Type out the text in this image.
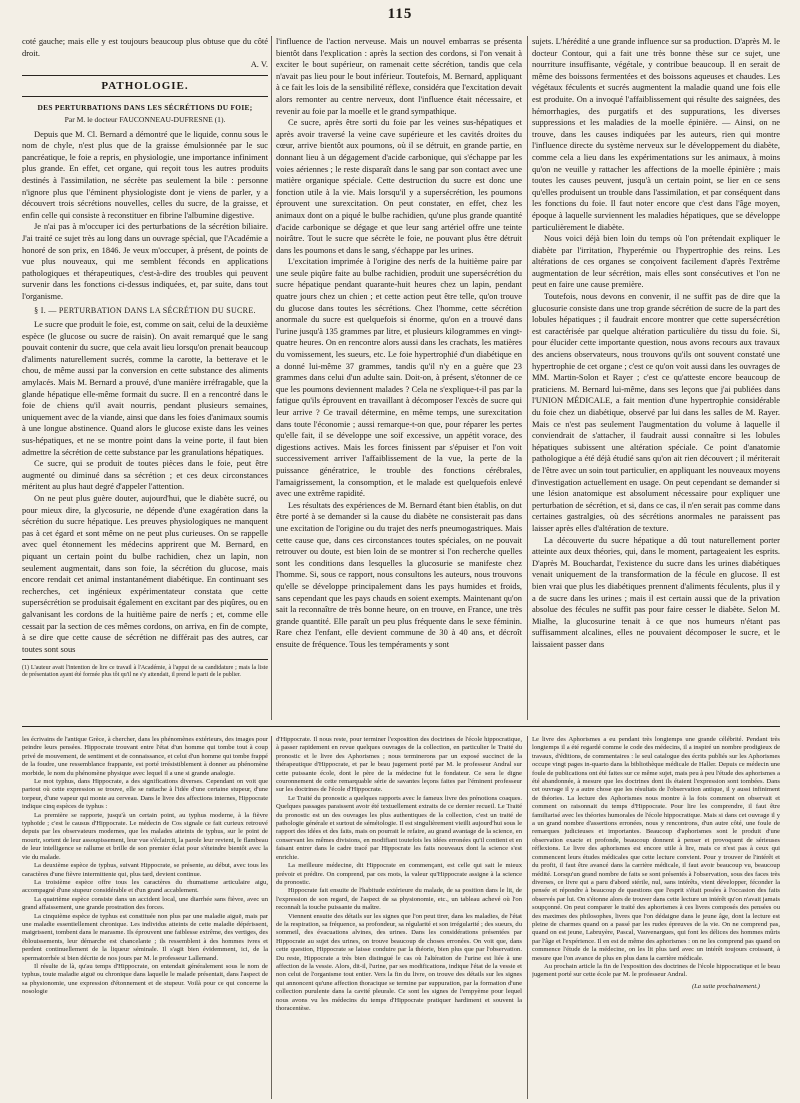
115

coté gauche; mais elle y est toujours beaucoup plus obtuse que du côté droit.

A. V.
PATHOLOGIE.
DES PERTURBATIONS DANS LES SÉCRÉTIONS DU FOIE;
Par M. le docteur FAUCONNEAU-DUFRESNE (1).

Depuis que M. Cl. Bernard a démontré que le liquide, connu sous le nom de chyle, n'est plus que de la graisse émulsionnée par le suc pancréatique, le foie a repris, en physiologie, une importance infiniment plus grande. En effet, cet organe, qui reçoit tous les autres produits destinés à l'assimilation, ne sécrète pas seulement la bile : personne n'ignore plus que l'éminent physiologiste dont je viens de parler, y a découvert trois sécrétions nouvelles, celles du sucre, de la graisse, et enfin celle qui consiste à reconstituer en fibrine l'albumine digestive.

Je n'ai pas à m'occuper ici des perturbations de la sécrétion biliaire. J'ai traité ce sujet très au long dans un ouvrage spécial, que l'Académie a honoré de son prix, en 1846. Je veux m'occuper, à présent, de points de vue plus nouveaux, qui me semblent féconds en applications pathologiques et thérapeutiques, c'est-à-dire des troubles qui peuvent survenir dans les fonctions ci-dessus indiquées, et, par suite, dans tout l'organisme.

§ I. — PERTURBATION DANS LA SÉCRÉTION DU SUCRE.

Le sucre que produit le foie, est, comme on sait, celui de la deuxième espèce (le glucose ou sucre de raisin). On avait remarqué que le sang pouvait contenir du sucre, que cela avait lieu lorsqu'on prenait beaucoup d'aliments naturellement sucrés, comme la carotte, la betterave et le chou, de même aussi par la conversion en cette substance des aliments amylacés. Mais M. Bernard a prouvé, d'une manière irréfragable, que la glande hépatique elle-même formait du sucre. Il en a rencontré dans le foie de chiens qu'il avait nourris, pendant plusieurs semaines, uniquement avec de la viande, ainsi que dans les foies d'animaux soumis à une longue abstinence. Quand alors le glucose existe dans les veines sus-hépatiques, et ne se montre point dans la veine porte, il faut bien admettre la sécrétion de cette substance par les granulations hépatiques.

Ce sucre, qui se produit de toutes pièces dans le foie, peut être augmenté ou diminué dans sa sécrétion ; et ces deux circonstances méritent au plus haut degré d'appeler l'attention.

On ne peut plus guère douter, aujourd'hui, que le diabète sucré, ou pour mieux dire, la glycosurie, ne dépende d'une exagération dans la sécrétion du sucre hépatique. Les preuves physiologiques ne manquent pas à cet égard et sont même on ne peut plus curieuses. On se rappelle avec quel étonnement les médecins apprirent que M. Bernard, en piquant un certain point du bulbe rachidien, chez un lapin, non seulement augmentait, dans son foie, la sécrétion du glucose, mais encore rendait cet animal instantanément diabétique. En continuant ses recherches, cet ingénieux expérimentateur constata que cette supersécrétion se produisait également en excitant par des piqûres, ou en galvanisant les cordons de la huitième paire de nerfs ; et, comme elle cessait par la section de ces mêmes cordons, on arriva, en fin de compte, à se dire que cette cause de sécrétion ne différait pas des autres, car toutes sont sous

(1) L'auteur avait l'intention de lire ce travail à l'Académie, à l'appui de sa candidature ; mais la liste de présentation ayant été formée plus tôt qu'il ne s'y attendait, il prend le parti de le publier.

l'influence de l'action nerveuse. Mais un nouvel embarras se présenta bientôt dans l'explication : après la section des cordons, si l'on venait à exciter le bout supérieur, on ramenait cette sécrétion, tandis que cela n'avait pas lieu pour le bout inférieur. Toutefois, M. Bernard, appliquant à ce fait les lois de la sensibilité réflexe, considéra que l'excitation devait alors remonter au centre nerveux, dont l'influence était nécessaire, et revenir au foie par la moelle et le grand sympathique.

Ce sucre, après être sorti du foie par les veines sus-hépatiques et après avoir traversé la veine cave supérieure et les cavités droites du cœur, arrive bientôt aux poumons, où il se détruit, en grande partie, en donnant lieu à un dégagement d'acide carbonique, qui s'échappe par les voies aériennes ; le reste disparaît dans le sang par son contact avec une matière organique spéciale. Cette destruction du sucre est donc une fonction utile à la vie. Mais lorsqu'il y a supersécrétion, les poumons éprouvent une surexcitation. On peut constater, en effet, chez les animaux dont on a piqué le bulbe rachidien, qu'une plus grande quantité d'acide carbonique se dégage et que leur sang artériel offre une teinte noirâtre. Tout le sucre que sécrète le foie, ne pouvant plus être détruit dans les poumons et dans le sang, s'échappe par les urines.

L'excitation imprimée à l'origine des nerfs de la huitième paire par une seule piqûre faite au bulbe rachidien, produit une supersécrétion du sucre hépatique pendant quarante-huit heures chez un lapin, pendant quatre jours chez un chien ; et cette action peut être telle, qu'on trouve du glucose dans toutes les sécrétions. Chez l'homme, cette sécrétion anormale du sucre est quelquefois si énorme, qu'on en a trouvé dans l'urine jusqu'à 135 grammes par litre, et plusieurs kilogrammes en vingt-quatre heures. On en rencontre alors aussi dans les crachats, les matières du vomissement, les sueurs, etc. Le foie hypertrophié d'un diabétique en a donné lui-même 37 grammes, tandis qu'il n'y en a guère que 23 grammes dans celui d'un adulte sain. Doit-on, à présent, s'étonner de ce que les poumons deviennent malades ? Cela ne s'explique-t-il pas par la fatigue qu'ils éprouvent en travaillant à décomposer l'excès de sucre qui leur arrive ? Ce travail détermine, en même temps, une surexcitation dans toute l'économie ; aussi remarque-t-on que, pour réparer les pertes qu'elle fait, il se développe une soif excessive, un appétit vorace, des digestions actives. Mais les forces finissent par s'épuiser et l'on voit successivement arriver l'affaiblissement de la vue, la perte de la puissance génératrice, le trouble des fonctions cérébrales, l'amaigrissement, la consomption, et le malade est quelquefois enlevé avec une extrême rapidité.

Les résultats des expériences de M. Bernard étant bien établis, on dut être porté à se demander si la cause du diabète ne consisterait pas dans une excitation de l'origine ou du trajet des nerfs pneumogastriques. Mais cette cause que, dans ces circonstances toutes spéciales, on ne pouvait retrouver ou doute, est bien loin de se montrer si l'on recherche quelles sont les conditions dans lesquelles la glucosurie se manifeste chez l'homme. Si, sous ce rapport, nous consultons les auteurs, nous trouvons qu'elle se développe principalement dans les pays humides et froids, sans cependant que les pays chauds en soient exempts. Maintenant qu'on sait la reconnaître de très bonne heure, on en trouve, en France, une très grande quantité. Elle paraît un peu plus fréquente dans le sexe féminin. Rare chez l'enfant, elle devient commune de 30 à 40 ans, et décroît ensuite de fréquence. Tous les tempéraments y sont

sujets. L'hérédité a une grande influence sur sa production. D'après M. le docteur Contour, qui a fait une très bonne thèse sur ce sujet, une nourriture insuffisante, végétale, y contribue beaucoup. Il en serait de même des boissons fermentées et des boissons aqueuses et chaudes. Les végétaux féculents et sucrés augmentent la maladie quand une fois elle est produite. On a invoqué l'affaiblissement qui résulte des saignées, des hémorrhagies, des purgatifs et des suppurations, les diverses suppressions et les maladies de la moelle épinière. — Ainsi, on ne trouve, dans les causes indiquées par les auteurs, rien qui montre l'influence directe du système nerveux sur le développement du diabète, comme cela a lieu dans les expérimentations sur les animaux, à moins qu'on ne veuille y rattacher les affections de la moelle épinière ; mais toutes les causes peuvent, jusqu'à un certain point, se lier en ce sens qu'elles produisent un trouble dans l'assimilation, et par conséquent dans les fonctions du foie. Il faut noter encore que c'est dans l'âge moyen, époque à laquelle surviennent les maladies hépatiques, que se développe particulièrement le diabète.

Nous voici déjà bien loin du temps où l'on prétendait expliquer le diabète par l'irritation, l'hyperémie ou l'hypertrophie des reins. Les altérations de ces organes se conçoivent facilement d'après l'extrême augmentation de leur sécrétion, mais elles sont consécutives et l'on ne peut en faire une cause première.

Toutefois, nous devons en convenir, il ne suffit pas de dire que la glucosurie consiste dans une trop grande sécrétion de sucre de la part des lobules hépatiques ; il faudrait encore montrer que cette supersécrétion est caractérisée par quelque altération particulière du tissu du foie. Si, pour élucider cette importante question, nous avons recours aux travaux des anciens observateurs, nous trouvons qu'ils ont souvent constaté une hypertrophie de cet organe ; c'est ce qu'on voit aussi dans les ouvrages de MM. Martin-Solon et Rayer ; c'est ce qu'atteste encore beaucoup de praticiens. M. Bernard lui-même, dans ses leçons que j'ai publiées dans l'UNION MÉDICALE, a fait mention d'une hypertrophie considérable du foie chez un diabétique, observé par lui dans les salles de M. Rayer. Mais ce n'est pas seulement l'augmentation du volume à laquelle il conviendrait de s'attacher, il faudrait aussi connaître si les lobules hépatiques subissent une altération spéciale. Ce point d'anatomie pathologique a été déjà étudié sans qu'on ait rien découvert ; il mériterait de l'être avec un soin tout particulier, en appliquant les nouveaux moyens d'investigation actuellement en usage. On peut cependant se demander si une lésion anatomique est absolument nécessaire pour expliquer une perturbation de sécrétion, et si, dans ce cas, il n'en serait pas comme dans certaines gastralgies, où des sécrétions anormales ne paraissent pas laisser après elles d'altération de texture.

La découverte du sucre hépatique a dû tout naturellement porter atteinte aux deux théories, qui, dans le moment, partageaient les esprits. D'après M. Bouchardat, l'existence du sucre dans les urines diabétiques venait uniquement de la transformation de la fécule en glucose. Il est bien vrai que plus les diabétiques prennent d'aliments féculents, plus il y a de sucre dans les urines ; mais il est certain aussi que de la privation absolue des fécules ne suffit pas pour faire cesser le diabète. Selon M. Mialhe, la glucosurine tenait à ce que nos humeurs n'étant pas suffisamment alcalines, elles ne pouvaient décomposer le sucre, et le laissaient passer dans

les écrivains de l'antique Grèce, à chercher, dans les phénomènes extérieurs, des images pour peindre leurs pensées. Hippocrate trouvant entre l'état d'un homme qui tombe tout à coup privé de mouvement, de sentiment et de connaissance, et celui d'un homme qui tombe frappé de la foudre, une ressemblance frappante, est porté irrésistiblement à donner au phénomène morbide, le nom du phénomène physique avec lequel il a une si grande analogie.

Le mot typhus, dans Hippocrate, a des significations diverses. Cependant on voit que partout où cette expression se trouve, elle se rattache à l'idée d'une certaine stupeur, d'une torpeur, d'une vapeur qui monte au cerveau. Dans le livre des affections internes, Hippocrate indique cinq espèces de typhus :

La première se rapporte, jusqu'à un certain point, au typhus moderne, à la fièvre typhoïde ; c'est le causus d'Hippocrate. Le médecin de Cos signale ce fait curieux retrouvé depuis par les observateurs modernes, que les malades atteints de typhus, sur le point de mourir, sortent de leur assoupissement, leur vue s'éclaircit, la parole leur revient, le flambeau de leur intelligence se rallume et brille de son premier éclat pour s'éteindre bientôt avec la vie du malade.

La deuxième espèce de typhus, suivant Hippocrate, se présente, au début, avec tous les caractères d'une fièvre intermittente qui, plus tard, devient continue.

La troisième espèce offre tous les caractères du rhumatisme articulaire aigu, accompagné d'une stupeur considérable et d'un grand accablement.

La quatrième espèce consiste dans un accident local, une diarrhée sans fièvre, avec un grand affaissement, une grande prostration des forces.

La cinquième espèce de typhus est constituée non plus par une maladie aiguë, mais par une maladie essentiellement chronique. Les individus atteints de cette maladie dépérissent, maigrissent, tombent dans le marasme. Ils éprouvent une faiblesse extrême, des vertiges, des éblouissements, leur démarche est chancelante ; ils ressemblent à des hommes ivres et perdent continuellement de la liqueur séminale. Il s'agit bien évidemment, ici, de la spermatorrhée si bien décrite de nos jours par M. le professeur Lallemand.

Il résulte de là, qu'au temps d'Hippocrate, on entendait généralement sous le nom de typhus, toute maladie aiguë ou chronique dans laquelle le malade présentait, dans l'aspect de sa physionomie, une expression d'étonnement et de stupeur. Voilà pour ce qui concerne la nosologie

d'Hippocrate. Il nous reste, pour terminer l'exposition des doctrines de l'école hippocratique, à passer rapidement en revue quelques ouvrages de la collection, en particulier le Traité du pronostic et le livre des Aphorismes ; nous terminerons par un exposé succinct de la thérapeutique d'Hippocrate, et par le beau jugement porté par M. le professeur Andral sur cette puissante école, dont le père de la médecine fut le fondateur. Ce sera le digne couronnement de cette remarquable série de savantes leçons faites par l'éminent professeur sur les doctrines de l'école d'Hippocrate.

Le Traité du pronostic a quelques rapports avec le fameux livre des prénotions coaques. Quelques passages paraissent avoir été textuellement extraits de ce dernier recueil. Le Traité du pronostic est un des ouvrages les plus authentiques de la collection, c'est un traité de pathologie générale et surtout de séméiologie. Il est singulièrement vieilli aujourd'hui sous le rapport des idées et des faits, mais on pourrait le refaire, au grand avantage de la science, en conservant les mêmes divisions, en modifiant toutefois les idées erronées qu'il contient et en faisant entrer dans le cadre tracé par Hippocrate les faits nouveaux dont la science s'est enrichie.

La meilleure médecine, dit Hippocrate en commençant, est celle qui sait le mieux prévoir et prédire. On comprend, par ces mots, la valeur qu'Hippocrate assigne à la science du pronostic.

Hippocrate fait ensuite de l'habitude extérieure du malade, de sa position dans le lit, de l'expression de son regard, de l'aspect de sa physionomie, etc., un tableau achevé où l'on reconnaît la touche puissante du maître.

Viennent ensuite des détails sur les signes que l'on peut tirer, dans les maladies, de l'état de la respiration, sa fréquence, sa profondeur, sa régularité et son irrégularité ; des sueurs, du sommeil, des évacuations alvines, des urines. Dans les considérations présentées par Hippocrate au sujet des urines, on trouve beaucoup de choses erronées. On voit que, dans cette question, Hippocrate se laisse conduire par la théorie, bien plus que par l'observation. Du reste, Hippocrate a très bien distingué le cas où l'altération de l'urine est liée à une affection de la vessie. Alors, dit-il, l'urine, par ses modifications, indique l'état de la vessie et non celui de l'organisme tout entier. Vers la fin du livre, on trouve des détails sur les signes qui annoncent qu'une affection thoracique se termine par suppuration, par la formation d'une collection purulente dans la cavité pleurale. Ce sont les signes de l'empyème pour lequel nous avons vu les médecins du temps d'Hippocrate pratiquer hardiment et souvent la thoracentèse.

Le livre des Aphorismes a eu pendant très longtemps une grande célébrité. Pendant très longtemps il a été regardé comme le code des médecins, il a inspiré un nombre prodigieux de travaux, d'éditions, de commentaires : le seul catalogue des écrits publiés sur les Aphorismes occupe vingt pages in-quarto dans la bibliothèque médicale de Haller. Depuis ce médecin une foule de publications ont été faites sur ce même sujet, mais peu à peu l'étude des aphorismes a été abandonnée, à mesure que les doctrines dont ils étaient l'expression sont tombées. Dans cet ouvrage il y a autre chose que les résultats de l'observation antique, il y aussi infiniment de théories. La lecture des Aphorismes nous montre à la fois comment on observait et comment on raisonnait du temps d'Hippocrate. Pour lire les comprendre, il faut être familiarisé avec les théories humorales de l'école hippocratique. Mais si dans cet ouvrage il y a un grand nombre d'assertions erronées, nous y rencontrons, d'un autre côté, une foule de remarques judicieuses et importantes. Beaucoup d'aphorismes sont le produit d'une observation exacte et profonde, beaucoup donnent à penser et provoquent de sérieuses réflexions. Le livre des aphorismes est encore utile à lire, mais ce n'est pas à ceux qui commencent leurs études médicales que cette lecture convient. Pour y trouver de l'intérêt et du profit, il faut être avancé dans la carrière médicale, il faut avoir beaucoup vu, beaucoup médité. Lorsqu'un grand nombre de faits se sont présentés à l'observation, sous des faces très diverses, ce livre qui a paru d'abord stérile, nul, sans intérêts, vient développer, féconder la pensée et répondre à beaucoup de questions que l'esprit s'était posées à l'occasion des faits observés par lui. On s'étonne alors de trouver dans cette lecture un intérêt qu'on n'avait jamais soupçonné. On peut comparer le traité des aphorismes à ces livres composés des pensées ou des maximes des philosophes, livres que l'on dédaigne dans le jeune âge, dont la lecture est pleine de charmes quand on a passé par les rudes épreuves de la vie. On ne comprend pas, quand on est jeune, Labruyère, Pascal, Vauvenargues, qui font les délices des hommes mûris par l'âge et l'expérience. Il en est de même des aphorismes : on ne les comprend pas quand on commence l'étude de la médecine, on les lit plus tard avec un intérêt toujours croissant, à mesure que l'on avance de plus en plus dans la carrière médicale.

Au prochain article la fin de l'exposition des doctrines de l'école hippocratique et le beau jugement porté sur cette école par M. le professeur Andral.

(La suite prochainement.)
